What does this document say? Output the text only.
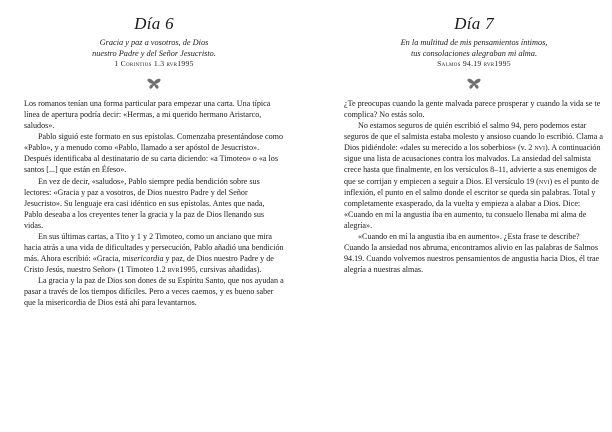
Día 6
Gracia y paz a vosotros, de Dios
nuestro Padre y del Señor Jesucristo.
1 Corintios 1.3 rvr1995

Los romanos tenían una forma particular para empezar una carta. Una típica línea de apertura podría decir: «Hermas, a mi querido hermano Aristarco, saludos».

Pablo siguió este formato en sus epístolas. Comenzaba presentándose como «Pablo», y a menudo como «Pablo, llamado a ser apóstol de Jesucristo». Después identificaba al destinatario de su carta diciendo: «a Timoteo» o «a los santos [...] que están en Éfeso».

En vez de decir, «saludos», Pablo siempre pedía bendición sobre sus lectores: «Gracia y paz a vosotros, de Dios nuestro Padre y del Señor Jesucristo». Su lenguaje era casi idéntico en sus epístolas. Antes que nada, Pablo deseaba a los creyentes tener la gracia y la paz de Dios llenando sus vidas.

En sus últimas cartas, a Tito y 1 y 2 Timoteo, como un anciano que mira hacia atrás a una vida de dificultades y persecución, Pablo añadió una bendición más. Ahora escribió: «Gracia, misericordia y paz, de Dios nuestro Padre y de Cristo Jesús, nuestro Señor» (1 Timoteo 1.2 rvr1995, cursivas añadidas).

La gracia y la paz de Dios son dones de su Espíritu Santo, que nos ayudan a pasar a través de los tiempos difíciles. Pero a veces caemos, y es bueno saber que la misericordia de Dios está ahí para levantarnos.

Día 7
En la multitud de mis pensamientos íntimos,
tus consolaciones alegraban mi alma.
Salmos 94.19 rvr1995

¿Te preocupas cuando la gente malvada parece prosperar y cuando la vida se te complica? No estás solo.

No estamos seguros de quién escribió el salmo 94, pero podemos estar seguros de que el salmista estaba molesto y ansioso cuando lo escribió. Clama a Dios pidiéndole: «dales su merecido a los soberbios» (v. 2 nvi). A continuación sigue una lista de acusaciones contra los malvados. La ansiedad del salmista crece hasta que finalmente, en los versículos 8–11, advierte a sus enemigos de que se corrijan y empiecen a seguir a Dios. El versículo 19 (nvi) es el punto de inflexión, el punto en el salmo donde el escritor se queda sin palabras. Total y completamente exasperado, da la vuelta y empieza a alabar a Dios. Dice: «Cuando en mí la angustia iba en aumento, tu consuelo llenaba mi alma de alegría».

«Cuando en mí la angustia iba en aumento». ¿Esta frase te describe? Cuando la ansiedad nos abruma, encontramos alivio en las palabras de Salmos 94.19. Cuando volvemos nuestros pensamientos de angustia hacia Dios, él trae alegría a nuestras almas.
